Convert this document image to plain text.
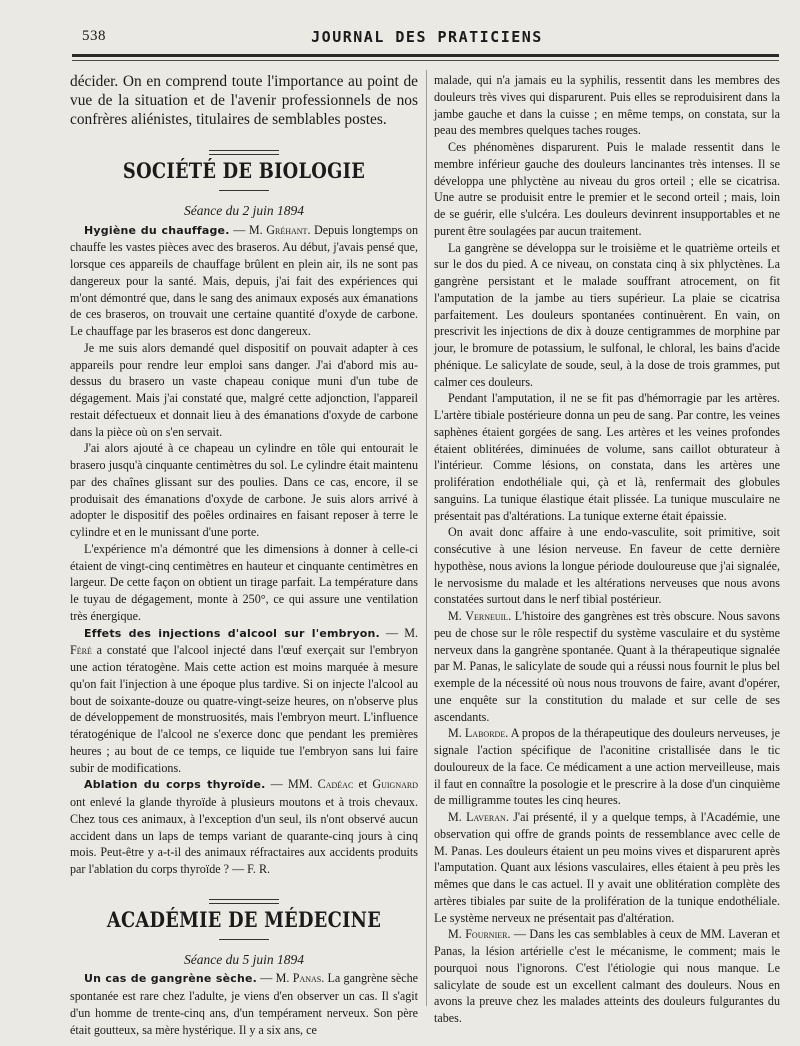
538	JOURNAL DES PRATICIENS

décider. On en comprend toute l'importance au point de vue de la situation et de l'avenir professionnels de nos confrères aliénistes, titulaires de semblables postes.

SOCIÉTÉ DE BIOLOGIE
Séance du 2 juin 1894

Hygiène du chauffage. — M. Gréhant. Depuis longtemps on chauffe les vastes pièces avec des braseros. Au début, j'avais pensé que, lorsque ces appareils de chauffage brûlent en plein air, ils ne sont pas dangereux pour la santé. Mais, depuis, j'ai fait des expériences qui m'ont démontré que, dans le sang des animaux exposés aux émanations de ces braseros, on trouvait une certaine quantité d'oxyde de carbone. Le chauffage par les braseros est donc dangereux.

Je me suis alors demandé quel dispositif on pouvait adapter à ces appareils pour rendre leur emploi sans danger. J'ai d'abord mis au-dessus du brasero un vaste chapeau conique muni d'un tube de dégagement. Mais j'ai constaté que, malgré cette adjonction, l'appareil restait défectueux et donnait lieu à des émanations d'oxyde de carbone dans la pièce où on s'en servait.

J'ai alors ajouté à ce chapeau un cylindre en tôle qui entourait le brasero jusqu'à cinquante centimètres du sol. Le cylindre était maintenu par des chaînes glissant sur des poulies. Dans ce cas, encore, il se produisait des émanations d'oxyde de carbone. Je suis alors arrivé à adopter le dispositif des poêles ordinaires en faisant reposer à terre le cylindre et en le munissant d'une porte.

L'expérience m'a démontré que les dimensions à donner à celle-ci étaient de vingt-cinq centimètres en hauteur et cinquante centimètres en largeur. De cette façon on obtient un tirage parfait. La température dans le tuyau de dégagement, monte à 250°, ce qui assure une ventilation très énergique.

Effets des injections d'alcool sur l'embryon. — M. Féré a constaté que l'alcool injecté dans l'œuf exerçait sur l'embryon une action tératogène. Mais cette action est moins marquée à mesure qu'on fait l'injection à une époque plus tardive. Si on injecte l'alcool au bout de soixante-douze ou quatre-vingt-seize heures, on n'observe plus de développement de monstruosités, mais l'embryon meurt. L'influence tératogénique de l'alcool ne s'exerce donc que pendant les premières heures ; au bout de ce temps, ce liquide tue l'embryon sans lui faire subir de modifications.

Ablation du corps thyroïde. — MM. Cadéac et Guignard ont enlevé la glande thyroïde à plusieurs moutons et à trois chevaux. Chez tous ces animaux, à l'exception d'un seul, ils n'ont observé aucun accident dans un laps de temps variant de quarante-cinq jours à cinq mois. Peut-être y a-t-il des animaux réfractaires aux accidents produits par l'ablation du corps thyroïde ? — F. R.

ACADÉMIE DE MÉDECINE
Séance du 5 juin 1894

Un cas de gangrène sèche. — M. Panas. La gangrène sèche spontanée est rare chez l'adulte, je viens d'en observer un cas. Il s'agit d'un homme de trente-cinq ans, d'un tempérament nerveux. Son père était goutteux, sa mère hystérique. Il y a six ans, ce

malade, qui n'a jamais eu la syphilis, ressentit dans les membres des douleurs très vives qui disparurent. Puis elles se reproduisirent dans la jambe gauche et dans la cuisse ; en même temps, on constata, sur la peau des membres quelques taches rouges.

Ces phénomènes disparurent. Puis le malade ressentit dans le membre inférieur gauche des douleurs lancinantes très intenses. Il se développa une phlyctène au niveau du gros orteil ; elle se cicatrisa. Une autre se produisit entre le premier et le second orteil ; mais, loin de se guérir, elle s'ulcéra. Les douleurs devinrent insupportables et ne purent être soulagées par aucun traitement.

La gangrène se développa sur le troisième et le quatrième orteils et sur le dos du pied. A ce niveau, on constata cinq à six phlyctènes. La gangrène persistant et le malade souffrant atrocement, on fit l'amputation de la jambe au tiers supérieur. La plaie se cicatrisa parfaitement. Les douleurs spontanées continuèrent. En vain, on prescrivit les injections de dix à douze centigrammes de morphine par jour, le bromure de potassium, le sulfonal, le chloral, les bains d'acide phénique. Le salicylate de soude, seul, à la dose de trois grammes, put calmer ces douleurs.

Pendant l'amputation, il ne se fit pas d'hémorragie par les artères. L'artère tibiale postérieure donna un peu de sang. Par contre, les veines saphènes étaient gorgées de sang. Les artères et les veines profondes étaient oblitérées, diminuées de volume, sans caillot obturateur à l'intérieur. Comme lésions, on constata, dans les artères une prolifération endothéliale qui, çà et là, renfermait des globules sanguins. La tunique élastique était plissée. La tunique musculaire ne présentait pas d'altérations. La tunique externe était épaissie.

On avait donc affaire à une endo-vasculite, soit primitive, soit consécutive à une lésion nerveuse. En faveur de cette dernière hypothèse, nous avions la longue période douloureuse que j'ai signalée, le nervosisme du malade et les altérations nerveuses que nous avons constatées surtout dans le nerf tibial postérieur.

M. Verneuil. L'histoire des gangrènes est très obscure. Nous savons peu de chose sur le rôle respectif du système vasculaire et du système nerveux dans la gangrène spontanée. Quant à la thérapeutique signalée par M. Panas, le salicylate de soude qui a réussi nous fournit le plus bel exemple de la nécessité où nous nous trouvons de faire, avant d'opérer, une enquête sur la constitution du malade et sur celle de ses ascendants.

M. Laborde. A propos de la thérapeutique des douleurs nerveuses, je signale l'action spécifique de l'aconitine cristallisée dans le tic douloureux de la face. Ce médicament a une action merveilleuse, mais il faut en connaître la posologie et le prescrire à la dose d'un cinquième de milligramme toutes les cinq heures.

M. Laveran. J'ai présenté, il y a quelque temps, à l'Académie, une observation qui offre de grands points de ressemblance avec celle de M. Panas. Les douleurs étaient un peu moins vives et disparurent après l'amputation. Quant aux lésions vasculaires, elles étaient à peu près les mêmes que dans le cas actuel. Il y avait une oblitération complète des artères tibiales par suite de la prolifération de la tunique endothéliale. Le système nerveux ne présentait pas d'altération.

M. Fournier. — Dans les cas semblables à ceux de MM. Laveran et Panas, la lésion artérielle c'est le mécanisme, le comment; mais le pourquoi nous l'ignorons. C'est l'étiologie qui nous manque. Le salicylate de soude est un excellent calmant des douleurs. Nous en avons la preuve chez les malades atteints des douleurs fulgurantes du tabes.
